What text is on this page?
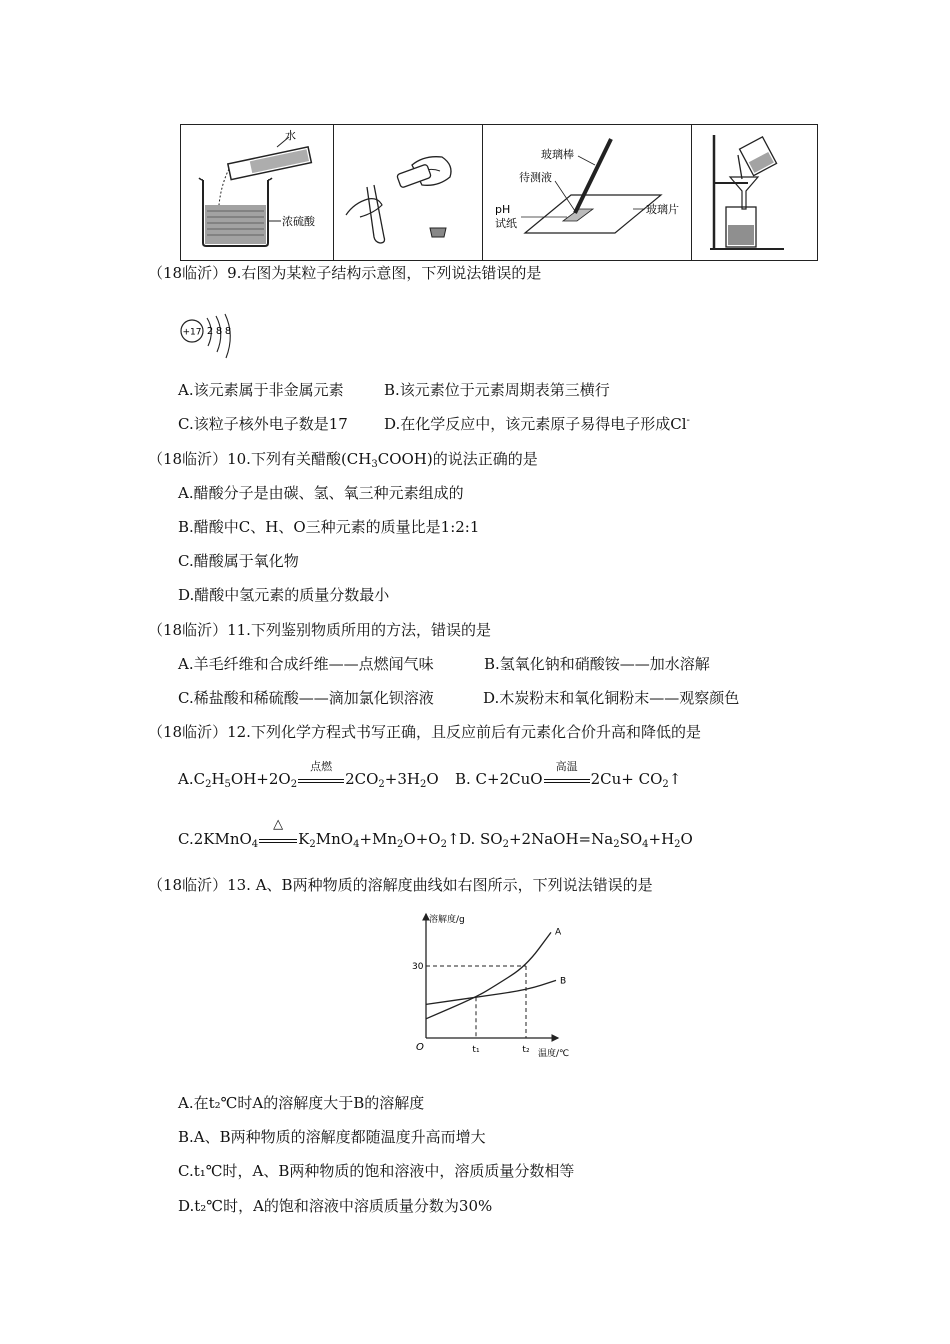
水
浓硫酸
玻璃棒
待测液
pH
试纸
玻璃片
（18临沂）9.右图为某粒子结构示意图，下列说法错误的是
+17 2 8 8
A.该元素属于非金属元素	B.该元素位于元素周期表第三横行
C.该粒子核外电子数是17 D.在化学反应中，该元素原子易得电子形成Cl-
（18临沂）10.下列有关醋酸$(CH_3COOH)$的说法正确的是
A.醋酸分子是由碳、氢、氧三种元素组成的
B.醋酸中C、H、O三种元素的质量比是1:2:1
C.醋酸属于氧化物
D.醋酸中氢元素的质量分数最小
（18临沂）11.下列鉴别物质所用的方法，错误的是
A.羊毛纤维和合成纤维——点燃闻气味	B.氢氧化钠和硝酸铵——加水溶解
C.稀盐酸和稀硫酸——滴加氯化钡溶液	D.木炭粉末和氧化铜粉末——观察颜色
（18临沂）12.下列化学方程式书写正确，且反应前后有元素化合价升高和降低的是
$A.C_2H_5OH+2O_2$
点燃
$2CO_2+3H_2O$ B. C+2CuO
高温
$2Cu+ CO_2↑$
C.2KMnO$_4$
△
$K_2MnO_4+Mn_2O+O_2↑$ D. $SO_2+2NaOH=Na_2SO_4+H_2O$
（18临沂）13. A、B两种物质的溶解度曲线如右图所示，下列说法错误的是
溶解度/g
温度/℃
O
30
t₁	t₂
A
B
A.在t₂℃时A的溶解度大于B的溶解度
B.A、B两种物质的溶解度都随温度升高而增大
C.t₁℃时，A、B两种物质的饱和溶液中，溶质质量分数相等
D.t₂℃时，A的饱和溶液中溶质质量分数为30%
